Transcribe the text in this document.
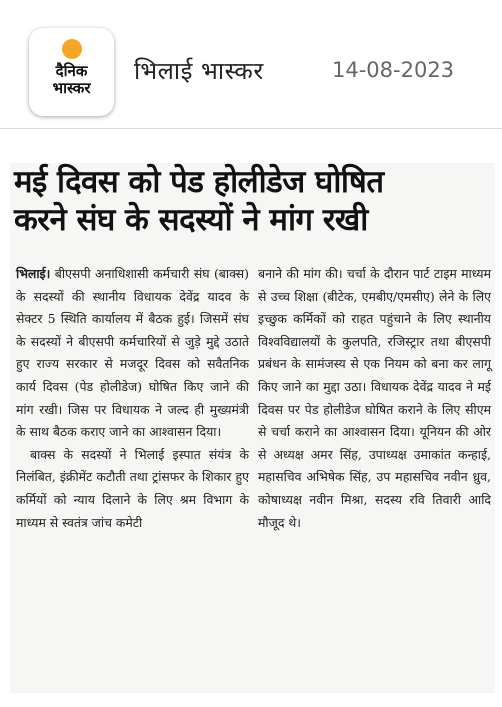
दैनिक
भास्कर
भिलाई भास्कर	14-08-2023
मई दिवस को पेड होलीडेज घोषित
करने संघ के सदस्यों ने मांग रखी

भिलाई। बीएसपी अनाधिशासी कर्मचारी संघ (बाक्स) के सदस्यों की स्थानीय विधायक देवेंद्र यादव के सेक्टर 5 स्थिति कार्यालय में बैठक हुई। जिसमें संघ के सदस्यों ने बीएसपी कर्मचारियों से जुड़े मुद्दे उठाते हुए राज्य सरकार से मजदूर दिवस को सवैतनिक कार्य दिवस (पेड होलीडेज) घोषित किए जाने की मांग रखी। जिस पर विधायक ने जल्द ही मुख्यमंत्री के साथ बैठक कराए जाने का आश्वासन दिया।

बाक्स के सदस्यों ने भिलाई इस्पात संयंत्र के निलंबित, इंक्रीमेंट कटौती तथा ट्रांसफर के शिकार हुए कर्मियों को न्याय दिलाने के लिए श्रम विभाग के माध्यम से स्वतंत्र जांच कमेटी

बनाने की मांग की। चर्चा के दौरान पार्ट टाइम माध्यम से उच्च शिक्षा (बीटेक, एमबीए/एमसीए) लेने के लिए इच्छुक कर्मिकों को राहत पहुंचाने के लिए स्थानीय विश्वविद्यालयों के कुलपति, रजिस्ट्रार तथा बीएसपी प्रबंधन के सामंजस्य से एक नियम को बना कर लागू किए जाने का मुद्दा उठा। विधायक देवेंद्र यादव ने मई दिवस पर पेड होलीडेज घोषित कराने के लिए सीएम से चर्चा कराने का आश्वासन दिया। यूनियन की ओर से अध्यक्ष अमर सिंह, उपाध्यक्ष उमाकांत कन्हाई, महासचिव अभिषेक सिंह, उप महासचिव नवीन ध्रुव, कोषाध्यक्ष नवीन मिश्रा, सदस्य रवि तिवारी आदि मौजूद थे।
